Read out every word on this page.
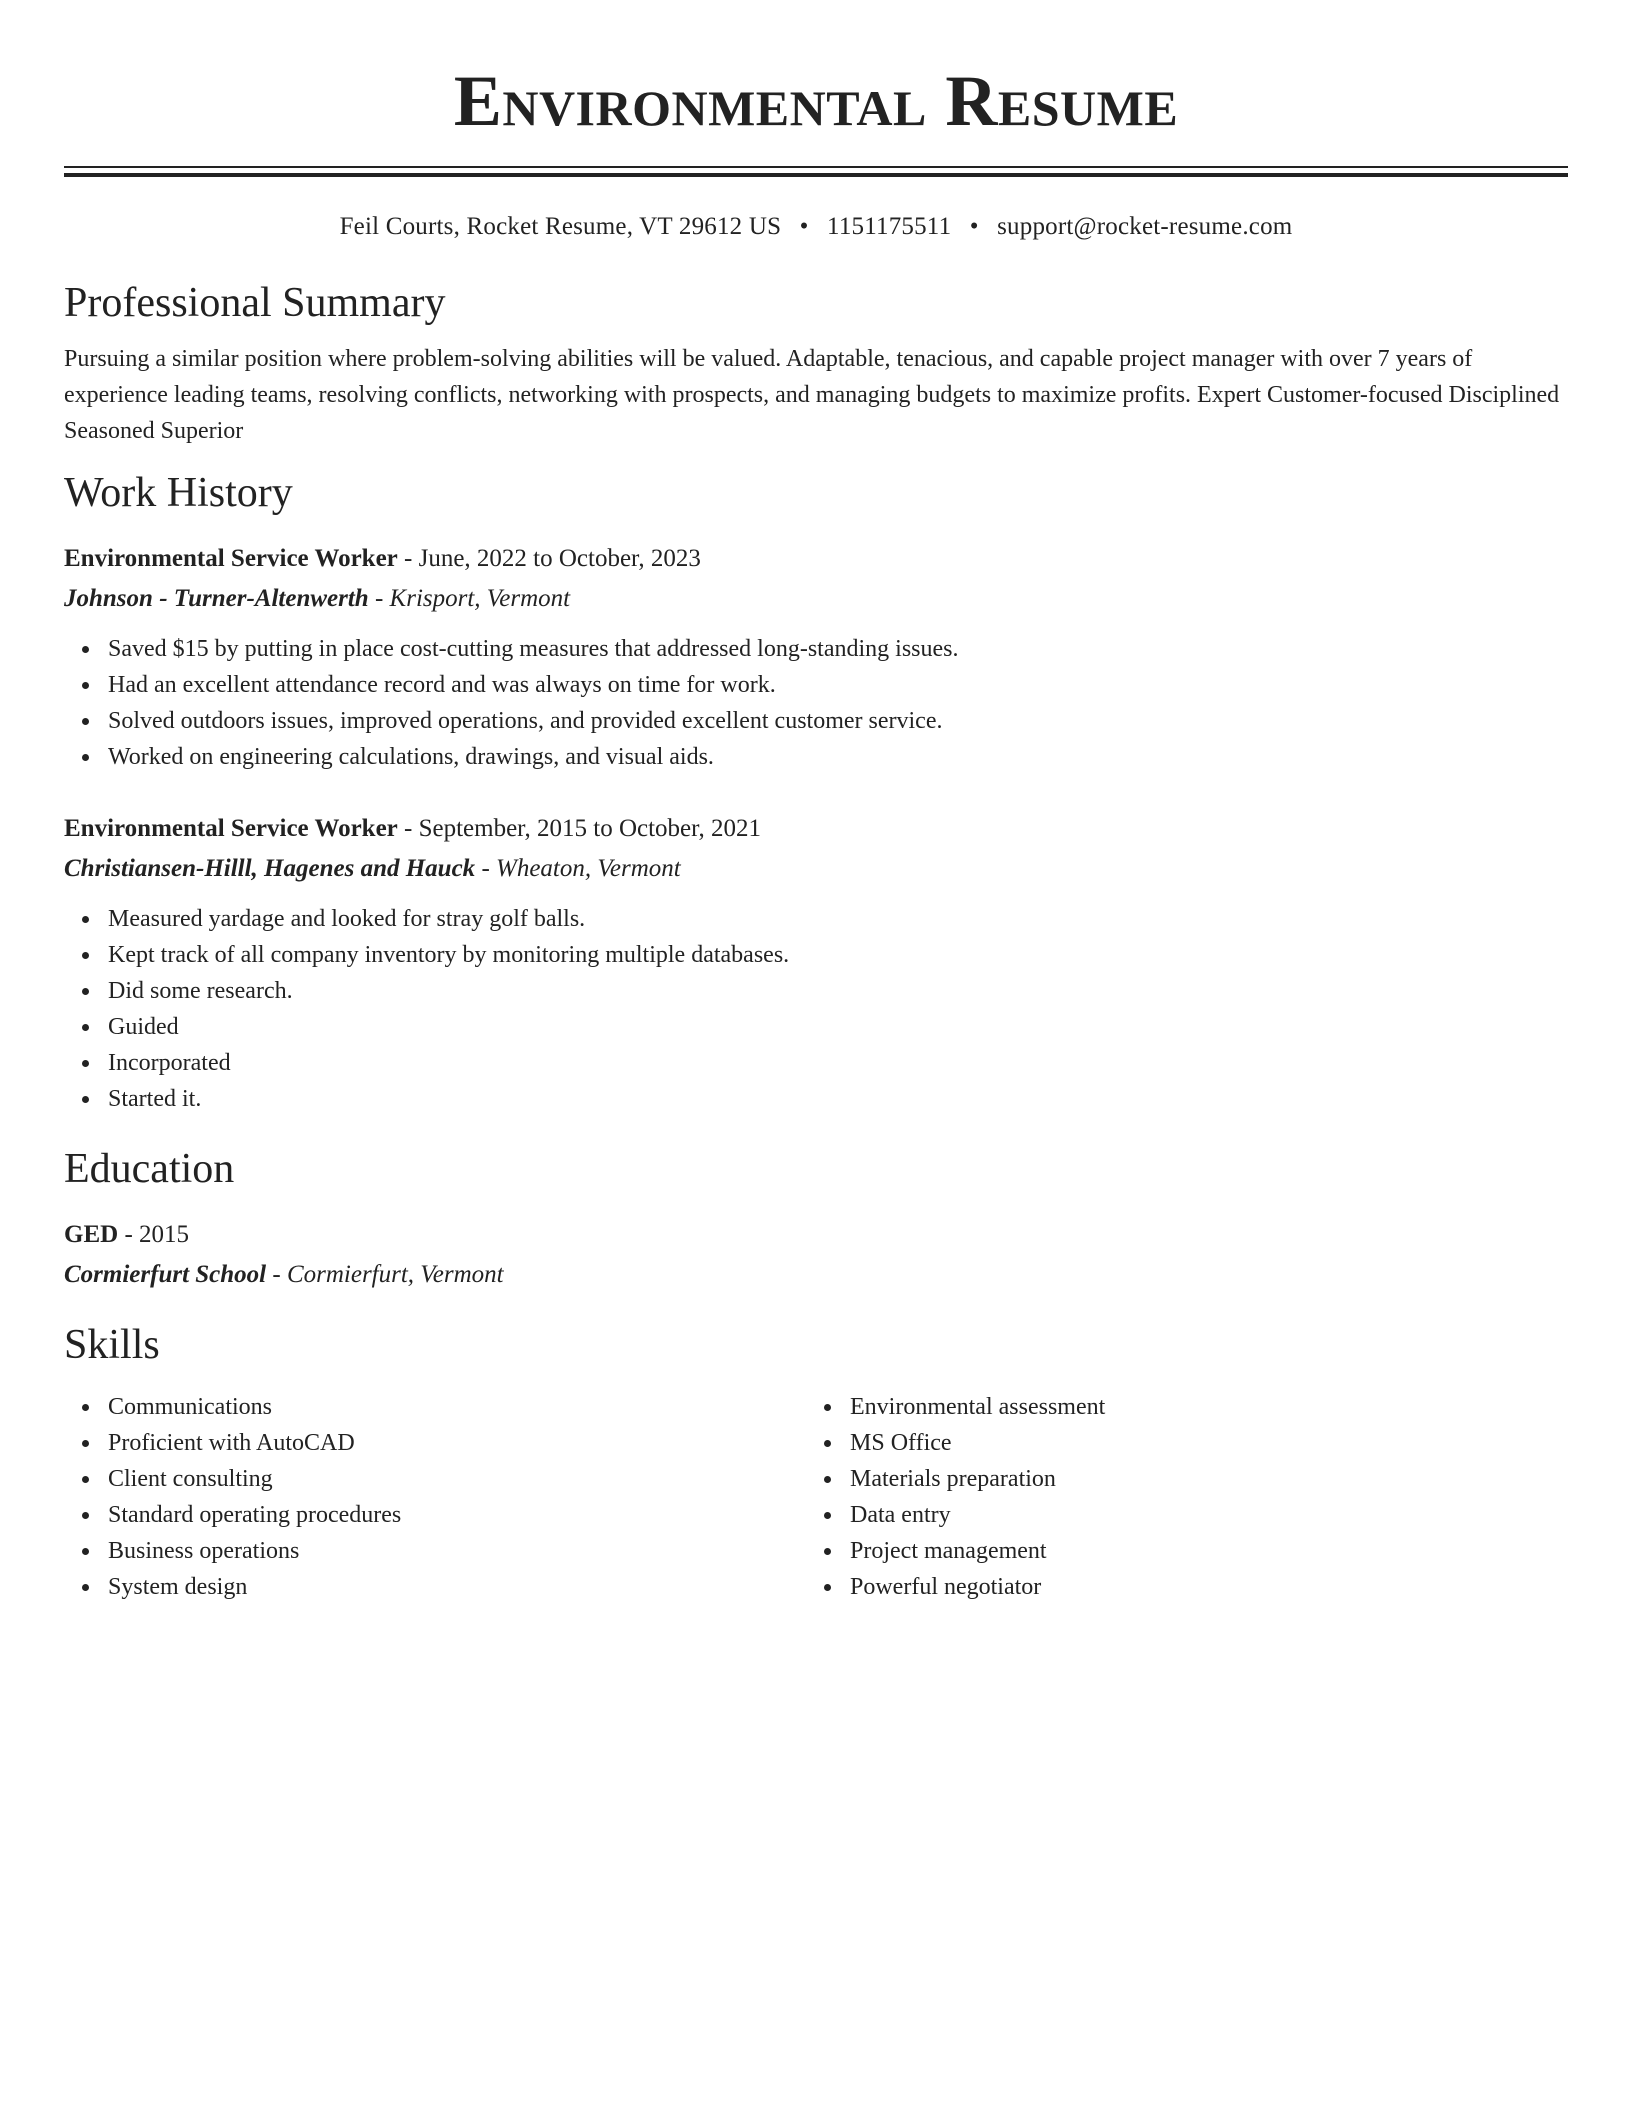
Environmental Resume
Feil Courts, Rocket Resume, VT 29612 US • 1151175511 • support@rocket-resume.com
Professional Summary
Pursuing a similar position where problem-solving abilities will be valued. Adaptable, tenacious, and capable project manager with over 7 years of experience leading teams, resolving conflicts, networking with prospects, and managing budgets to maximize profits. Expert Customer-focused Disciplined Seasoned Superior
Work History
Environmental Service Worker - June, 2022 to October, 2023
Johnson - Turner-Altenwerth - Krisport, Vermont
Saved $15 by putting in place cost-cutting measures that addressed long-standing issues.
Had an excellent attendance record and was always on time for work.
Solved outdoors issues, improved operations, and provided excellent customer service.
Worked on engineering calculations, drawings, and visual aids.
Environmental Service Worker - September, 2015 to October, 2021
Christiansen-Hilll, Hagenes and Hauck - Wheaton, Vermont
Measured yardage and looked for stray golf balls.
Kept track of all company inventory by monitoring multiple databases.
Did some research.
Guided
Incorporated
Started it.
Education
GED - 2015
Cormierfurt School - Cormierfurt, Vermont
Skills
Communications
Proficient with AutoCAD
Client consulting
Standard operating procedures
Business operations
System design
Environmental assessment
MS Office
Materials preparation
Data entry
Project management
Powerful negotiator
